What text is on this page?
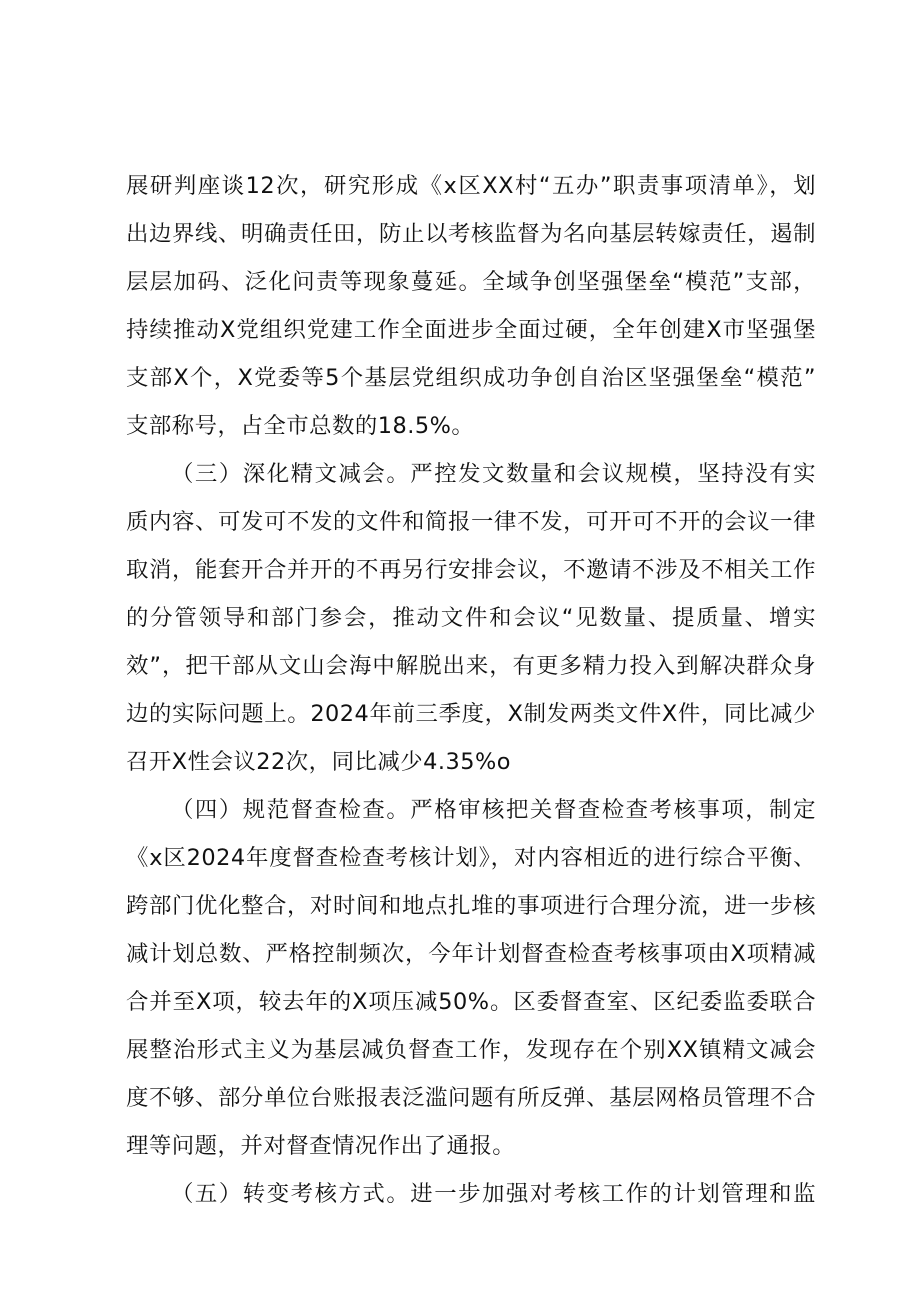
展研判座谈12次，研究形成《x区XX村“五办”职责事项清单》，划
出边界线、明确责任田，防止以考核监督为名向基层转嫁责任，遏制
层层加码、泛化问责等现象蔓延。全域争创坚强堡垒“模范”支部，
持续推动X党组织党建工作全面进步全面过硬，全年创建X市坚强堡
支部X个，X党委等5个基层党组织成功争创自治区坚强堡垒“模范”
支部称号，占全市总数的18.5%。
（三）深化精文减会。严控发文数量和会议规模，坚持没有实
质内容、可发可不发的文件和简报一律不发，可开可不开的会议一律
取消，能套开合并开的不再另行安排会议，不邀请不涉及不相关工作
的分管领导和部门参会，推动文件和会议“见数量、提质量、增实
效”，把干部从文山会海中解脱出来，有更多精力投入到解决群众身
边的实际问题上。2024年前三季度，X制发两类文件X件，同比减少
召开X性会议22次，同比减少4.35%o
（四）规范督查检查。严格审核把关督查检查考核事项，制定
《x区2024年度督查检查考核计划》，对内容相近的进行综合平衡、
跨部门优化整合，对时间和地点扎堆的事项进行合理分流，进一步核
减计划总数、严格控制频次，今年计划督查检查考核事项由X项精减
合并至X项，较去年的X项压减50%。区委督查室、区纪委监委联合
展整治形式主义为基层减负督查工作，发现存在个别XX镇精文减会
度不够、部分单位台账报表泛滥问题有所反弹、基层网格员管理不合
理等问题，并对督查情况作出了通报。
（五）转变考核方式。进一步加强对考核工作的计划管理和监
